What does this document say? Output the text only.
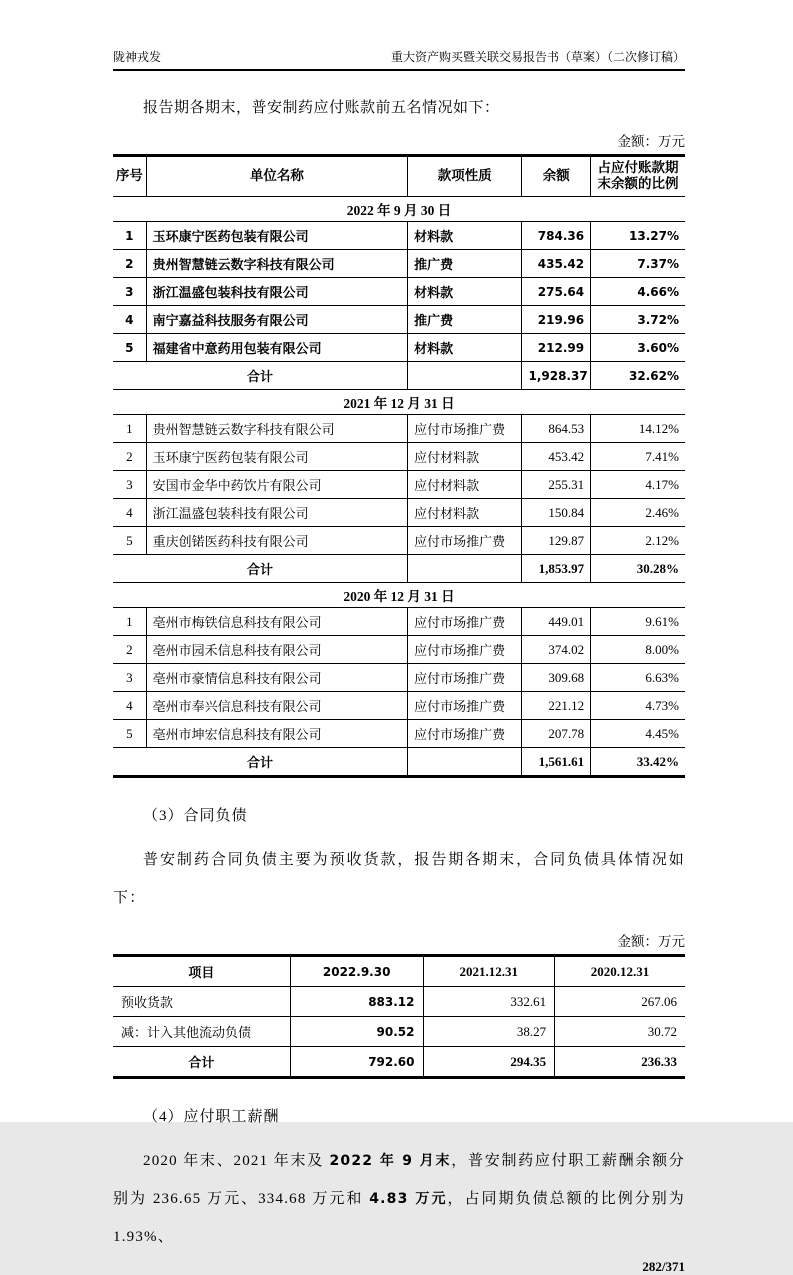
陇神戎发	重大资产购买暨关联交易报告书（草案）（二次修订稿）

报告期各期末，普安制药应付账款前五名情况如下：

金额：万元
序号	单位名称	款项性质	余额	占应付账款期末余额的比例
2022 年 9 月 30 日				
1	玉环康宁医药包装有限公司	材料款	784.36	13.27%
2	贵州智慧链云数字科技有限公司	推广费	435.42	7.37%
3	浙江温盛包装科技有限公司	材料款	275.64	4.66%
4	南宁嘉益科技服务有限公司	推广费	219.96	3.72%
5	福建省中意药用包装有限公司	材料款	212.99	3.60%
合计			1,928.37	32.62%
2021 年 12 月 31 日				
1	贵州智慧链云数字科技有限公司	应付市场推广费	864.53	14.12%
2	玉环康宁医药包装有限公司	应付材料款	453.42	7.41%
3	安国市金华中药饮片有限公司	应付材料款	255.31	4.17%
4	浙江温盛包装科技有限公司	应付材料款	150.84	2.46%
5	重庆创锘医药科技有限公司	应付市场推广费	129.87	2.12%
合计			1,853.97	30.28%
2020 年 12 月 31 日				
1	亳州市梅铁信息科技有限公司	应付市场推广费	449.01	9.61%
2	亳州市园禾信息科技有限公司	应付市场推广费	374.02	8.00%
3	亳州市豪情信息科技有限公司	应付市场推广费	309.68	6.63%
4	亳州市奉兴信息科技有限公司	应付市场推广费	221.12	4.73%
5	亳州市坤宏信息科技有限公司	应付市场推广费	207.78	4.45%
合计			1,561.61	33.42%

（3）合同负债

普安制药合同负债主要为预收货款，报告期各期末，合同负债具体情况如下：

金额：万元
项目	2022.9.30	2021.12.31	2020.12.31
预收货款	883.12	332.61	267.06
减：计入其他流动负债	90.52	38.27	30.72
合计	792.60	294.35	236.33

（4）应付职工薪酬

2020 年末、2021 年末及 2022 年 9 月末，普安制药应付职工薪酬余额分别为 236.65 万元、334.68 万元和 4.83 万元，占同期负债总额的比例分别为 1.93%、

282/371
